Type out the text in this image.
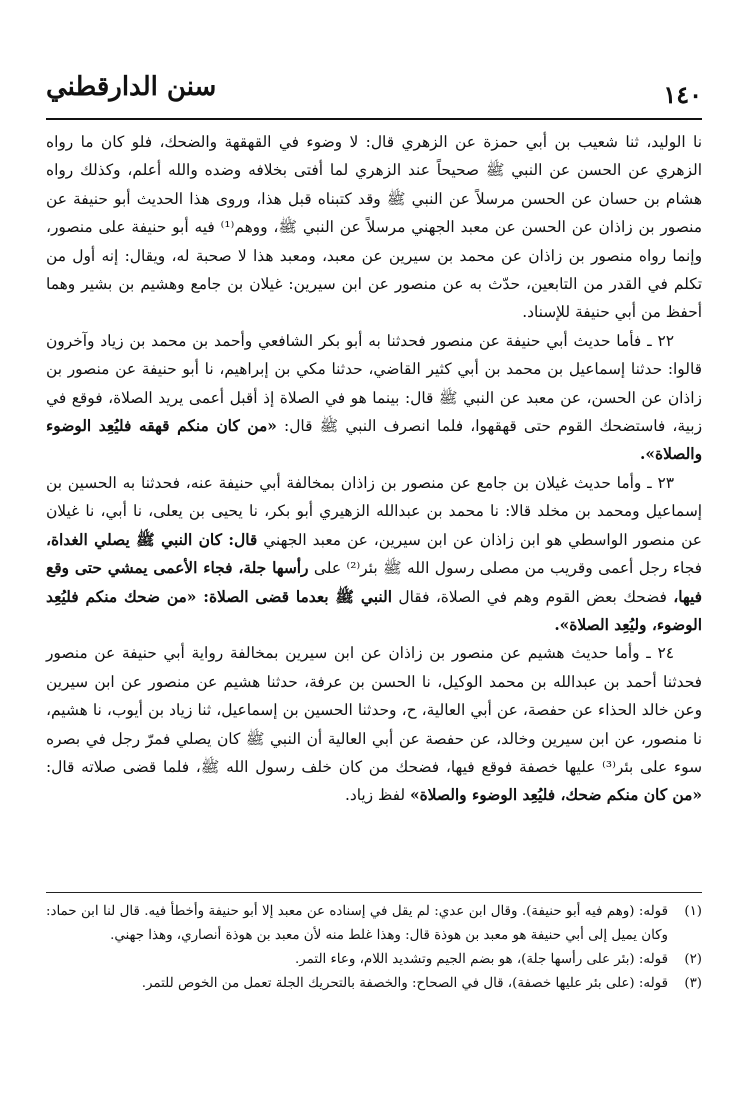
١٤٠
سنن الدارقطني

نا الوليد، ثنا شعيب بن أبي حمزة عن الزهري قال: لا وضوء في القهقهة والضحك، فلو كان ما رواه الزهري عن الحسن عن النبي ﷺ صحيحاً عند الزهري لما أفتى بخلافه وضده والله أعلم، وكذلك رواه هشام بن حسان عن الحسن مرسلاً عن النبي ﷺ وقد كتبناه قبل هذا، وروى هذا الحديث أبو حنيفة عن منصور بن زاذان عن الحسن عن معبد الجهني مرسلاً عن النبي ﷺ، ووهم⁽¹⁾ فيه أبو حنيفة على منصور، وإنما رواه منصور بن زاذان عن محمد بن سيرين عن معبد، ومعبد هذا لا صحبة له، ويقال: إنه أول من تكلم في القدر من التابعين، حدّث به عن منصور عن ابن سيرين: غيلان بن جامع وهشيم بن بشير وهما أحفظ من أبي حنيفة للإسناد.

٢٢ ـ فأما حديث أبي حنيفة عن منصور فحدثنا به أبو بكر الشافعي وأحمد بن محمد بن زياد وآخرون قالوا: حدثنا إسماعيل بن محمد بن أبي كثير القاضي، حدثنا مكي بن إبراهيم، نا أبو حنيفة عن منصور بن زاذان عن الحسن، عن معبد عن النبي ﷺ قال: بينما هو في الصلاة إذ أقبل أعمى يريد الصلاة، فوقع في زبية، فاستضحك القوم حتى قهقهوا، فلما انصرف النبي ﷺ قال: «من كان منكم قهقه فليُعِد الوضوء والصلاة».

٢٣ ـ وأما حديث غيلان بن جامع عن منصور بن زاذان بمخالفة أبي حنيفة عنه، فحدثنا به الحسين بن إسماعيل ومحمد بن مخلد قالا: نا محمد بن عبدالله الزهيري أبو بكر، نا يحيى بن يعلى، نا أبي، نا غيلان عن منصور الواسطي هو ابن زاذان عن ابن سيرين، عن معبد الجهني قال: كان النبي ﷺ يصلي الغداة، فجاء رجل أعمى وقريب من مصلى رسول الله ﷺ بئر⁽²⁾ على رأسها جلة، فجاء الأعمى يمشي حتى وقع فيها، فضحك بعض القوم وهم في الصلاة، فقال النبي ﷺ بعدما قضى الصلاة: «من ضحك منكم فليُعِد الوضوء، وليُعِد الصلاة».

٢٤ ـ وأما حديث هشيم عن منصور بن زاذان عن ابن سيرين بمخالفة رواية أبي حنيفة عن منصور فحدثنا أحمد بن عبدالله بن محمد الوكيل، نا الحسن بن عرفة، حدثنا هشيم عن منصور عن ابن سيرين وعن خالد الحذاء عن حفصة، عن أبي العالية، ح، وحدثنا الحسين بن إسماعيل، ثنا زياد بن أيوب، نا هشيم، نا منصور، عن ابن سيرين وخالد، عن حفصة عن أبي العالية أن النبي ﷺ كان يصلي فمرّ رجل في بصره سوء على بئر⁽³⁾ عليها خصفة فوقع فيها، فضحك من كان خلف رسول الله ﷺ، فلما قضى صلاته قال: «من كان منكم ضحك، فليُعِد الوضوء والصلاة» لفظ زياد.

(١)
قوله: (وهم فيه أبو حنيفة). وقال ابن عدي: لم يقل في إسناده عن معبد إلا أبو حنيفة وأخطأ فيه. قال لنا ابن حماد: وكان يميل إلى أبي حنيفة هو معبد بن هوذة قال: وهذا غلط منه لأن معبد بن هوذة أنصاري، وهذا جهني.
(٢)
قوله: (بئر على رأسها جلة)، هو بضم الجيم وتشديد اللام، وعاء التمر.
(٣)
قوله: (على بئر عليها خصفة)، قال في الصحاح: والخصفة بالتحريك الجلة تعمل من الخوص للتمر.
